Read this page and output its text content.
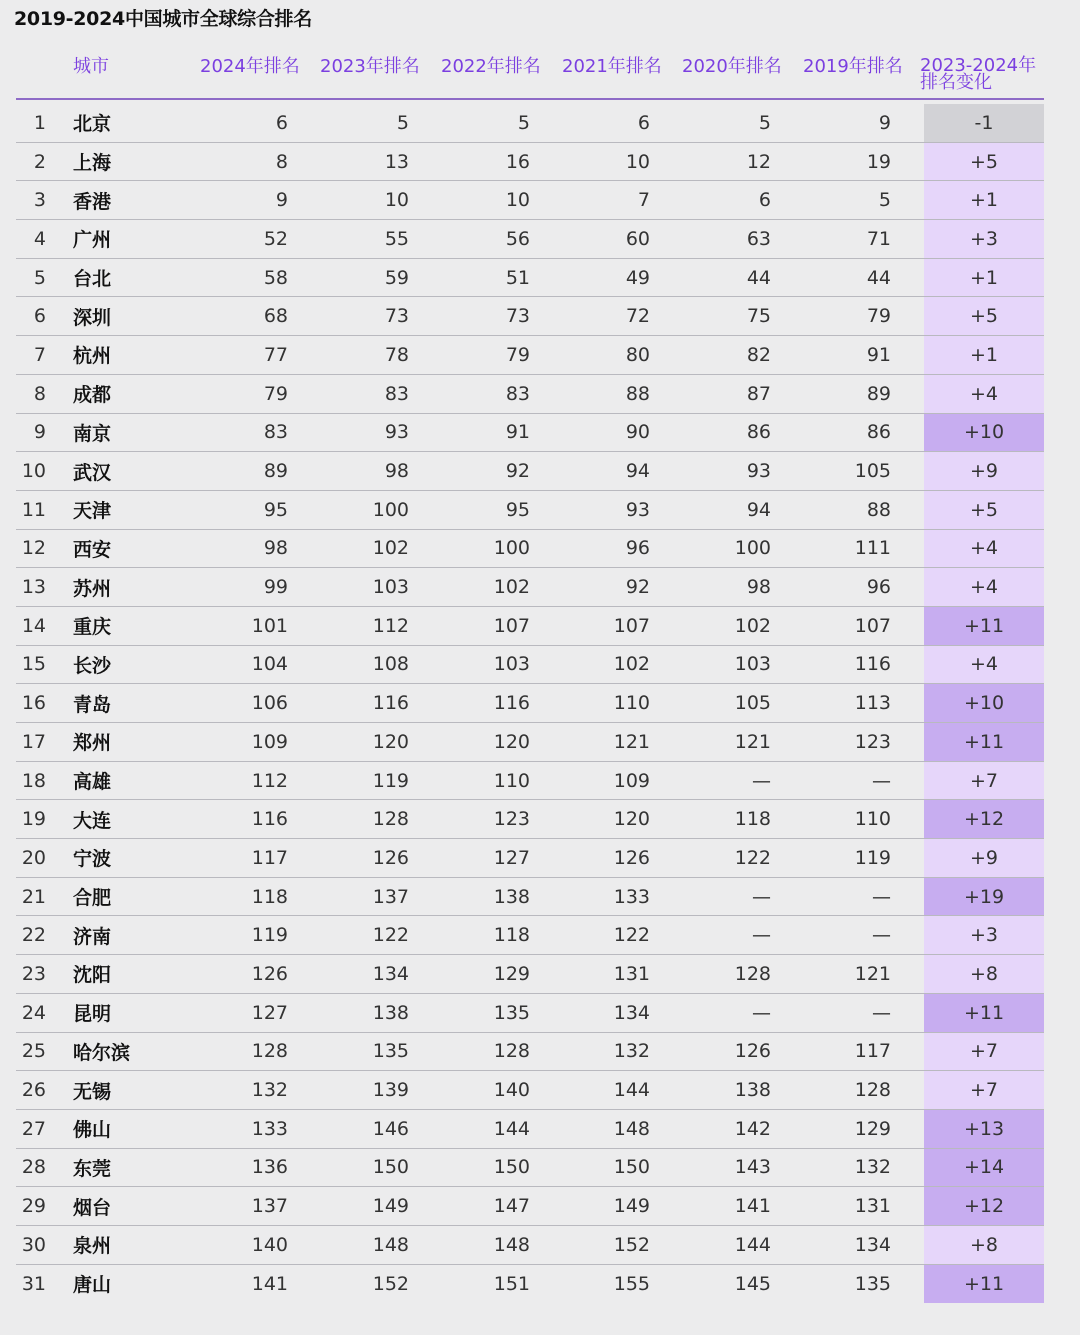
2019-2024中国城市全球综合排名
城市	2024年排名 2023年排名 2022年排名 2021年排名 2020年排名 2019年排名 2023-2024年
排名变化
1 北京	6	5	5	6	5	9	-1
2 上海	8	13	16	10	12	19	+5
3 香港	9	10	10	7	6	5	+1
4 广州	52	55	56	60	63	71	+3
5 台北	58	59	51	49	44	44	+1
6 深圳	68	73	73	72	75	79	+5
7 杭州	77	78	79	80	82	91	+1
8 成都	79	83	83	88	87	89	+4
9 南京	83	93	91	90	86	86	+10
10 武汉	89	98	92	94	93	105	+9
11 天津	95	100	95	93	94	88	+5
12 西安	98	102	100	96	100	111	+4
13 苏州	99	103	102	92	98	96	+4
14 重庆	101	112	107	107	102	107	+11
15 长沙	104	108	103	102	103	116	+4
16 青岛	106	116	116	110	105	113	+10
17 郑州	109	120	120	121	121	123	+11
18 高雄	112	119	110	109	—	—	+7
19 大连	116	128	123	120	118	110	+12
20 宁波	117	126	127	126	122	119	+9
21 合肥	118	137	138	133	—	—	+19
22 济南	119	122	118	122	—	—	+3
23 沈阳	126	134	129	131	128	121	+8
24 昆明	127	138	135	134	—	—	+11
25 哈尔滨	128	135	128	132	126	117	+7
26 无锡	132	139	140	144	138	128	+7
27 佛山	133	146	144	148	142	129	+13
28 东莞	136	150	150	150	143	132	+14
29 烟台	137	149	147	149	141	131	+12
30 泉州	140	148	148	152	144	134	+8
31 唐山	141	152	151	155	145	135	+11
